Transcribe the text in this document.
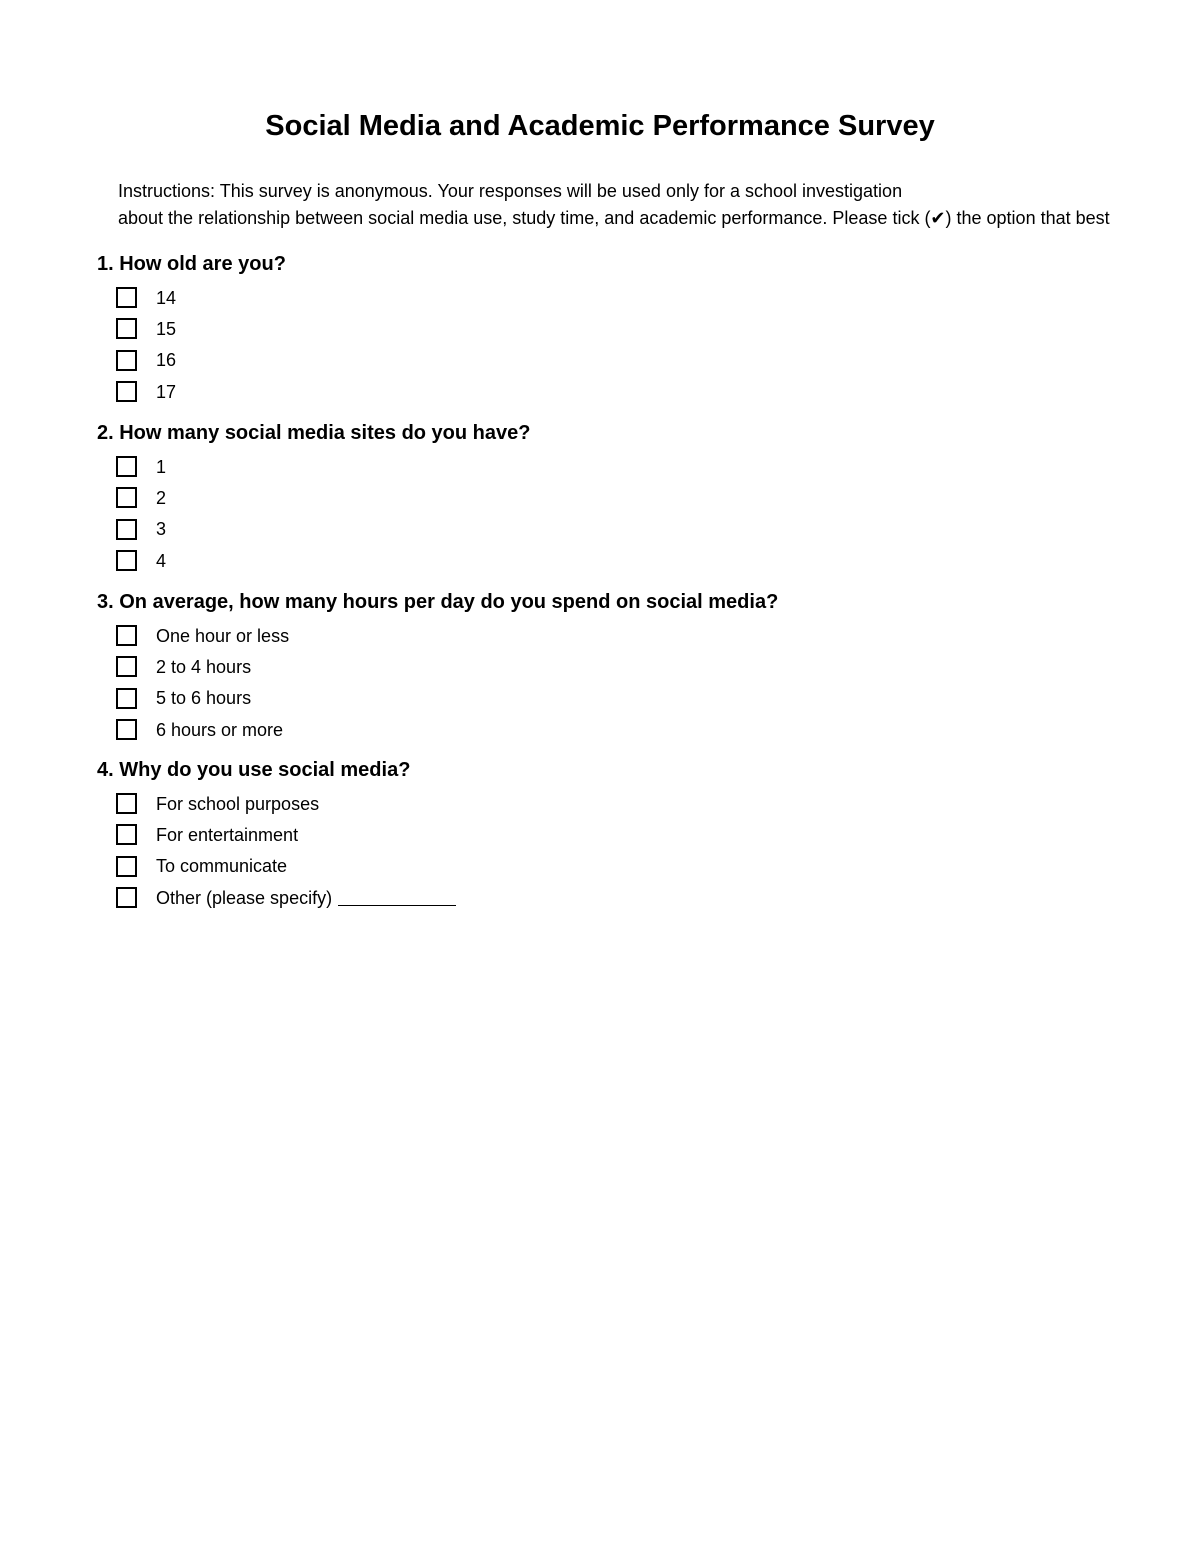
Social Media and Academic Performance Survey
Instructions: This survey is anonymous. Your responses will be used only for a school investigation
about the relationship between social media use, study time, and academic performance. Please tick (✔) the option that best

1. How old are you?

14
15
16
17

2. How many social media sites do you have?

1
2
3
4

3. On average, how many hours per day do you spend on social media?

One hour or less
2 to 4 hours
5 to 6 hours
6 hours or more

4. Why do you use social media?

For school purposes
For entertainment
To communicate
Other (please specify)
